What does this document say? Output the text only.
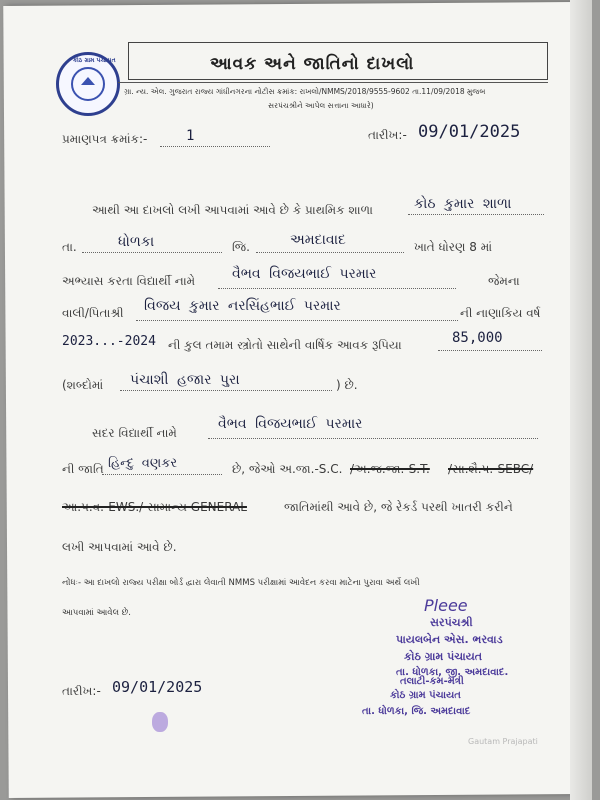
કોઠ ગ્રામ પંચાયત	આવક અને જાતિનો દાખલો
ગ્રા. ન્ય. એલ. ગુજરાત રાજ્ય ગાંધીનગરના નોટીસ ક્રમાંક: રાખલો/NMMS/2018/9555-9602 તા.11/09/2018 મુજબ
સરપંચશ્રીને આપેલ સત્તાના આધારે)
પ્રમાણપત્ર ક્રમાંક:-	1	તારીખ:- 09/01/2025
આથી આ દાખલો લખી આપવામાં આવે છે કે પ્રાથમિક શાળા	કોઠ કુમાર શાળા
તા.	ધોળકા	જિ.	અમદાવાદ	ખાતે ધોરણ 8 માં
અભ્યાસ કરતા વિદ્યાર્થી નામે	વૈભવ વિજયભાઈ પરમાર	જેમના
વાલી/પિતાશ્રી વિજય કુમાર નરસિંહભાઈ પરમાર	ની નાણાકિય વર્ષ
2023...-2024 ની કુલ તમામ સ્ત્રોતો સાથેની વાર્ષિક આવક રૂપિયા	85,000
(શબ્દોમાં પંચાશી હજાર પુરા	) છે.
સદર વિદ્યાર્થી નામે
વૈભવ વિજયભાઈ પરમાર
ની જાતિ હિન્દુ વણકર	છે, જેઓ અ.જા.-S.C. /અ.જ.જા.-S.T. /સા.શૈ.પ.-SEBC/
આ.પ.વ.-EWS./ સામાન્ય GENERAL	જાતિમાંથી આવે છે, જે રેકર્ડ પરથી ખાતરી કરીને
લખી આપવામાં આવે છે.
નોંધઃ- આ દાખલો રાજ્ય પરીક્ષા બોર્ડ દ્વારા લેવાતી NMMS પરીક્ષામાં આવેદન કરવા માટેના પુરાવા અર્થે લખી
આપવામાં આવેલ છે.	Pleee
સરપંચશ્રી
પાયલબેન એસ. ભરવાડ
કોઠ ગ્રામ પંચાયત
તા. ધોળકા, જી. અમદાવાદ.
તલાટી-કમ-મંત્રી
કોઠ ગ્રામ પંચાયત
તા. ધોળકા, જિ. અમદાવાદ
તારીખ:- 09/01/2025
Gautam Prajapati
